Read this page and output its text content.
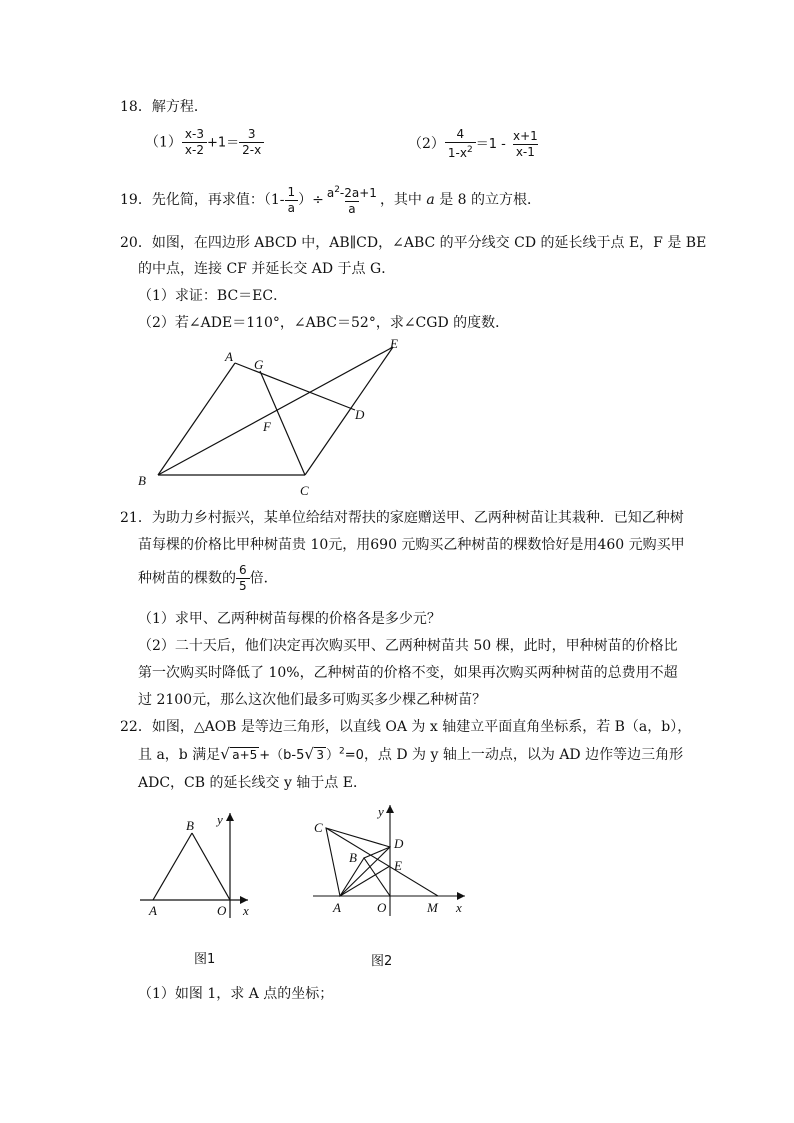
18．解方程．
$(1) \frac{x-3}{x-2} +1= \frac{3}{2-x}$	$(2) \frac{4}{1-x^2} =1 - \frac{x+1}{x-1}$
19．先化简，再求值：（$1- \frac{1}{a}$ ）÷ $\frac{a^2-2a+1}{a}$ ，其中 a 是 8 的立方根．
20．如图，在四边形 ABCD 中，AB∥CD，∠ABC 的平分线交 CD 的延长线于点 E，F 是 BE
的中点，连接 CF 并延长交 AD 于点 G．
（1）求证：BC＝EC．
（2）若∠ADE＝110°，∠ABC＝52°，求∠CGD 的度数．
A
G
E
D
F
B
C
21．为助力乡村振兴，某单位给结对帮扶的家庭赠送甲、乙两种树苗让其栽种．已知乙种树
苗每棵的价格比甲种树苗贵 10元，用690 元购买乙种树苗的棵数恰好是用460 元购买甲
种树苗的棵数的 $\frac{6}{5}$ 倍．
（1）求甲、乙两种树苗每棵的价格各是多少元？
（2）二十天后，他们决定再次购买甲、乙两种树苗共 50 棵，此时，甲种树苗的价格比
第一次购买时降低了 10%，乙种树苗的价格不变，如果再次购买两种树苗的总费用不超
过 2100元，那么这次他们最多可购买多少棵乙种树苗？
22．如图，△AOB 是等边三角形，以直线 OA 为 x 轴建立平面直角坐标系，若 B（a，b），
且 a，b 满足 √ a+5 +（b-5 √ 3 ）$^2$=0，点 D 为 y 轴上一动点，以为 AD 边作等边三角形
ADC，CB 的延长线交 y 轴于点 E．
B y
A	O x
图1
C
y
D
B
E
A	O	M x
图2
（1）如图 1，求 A 点的坐标；
